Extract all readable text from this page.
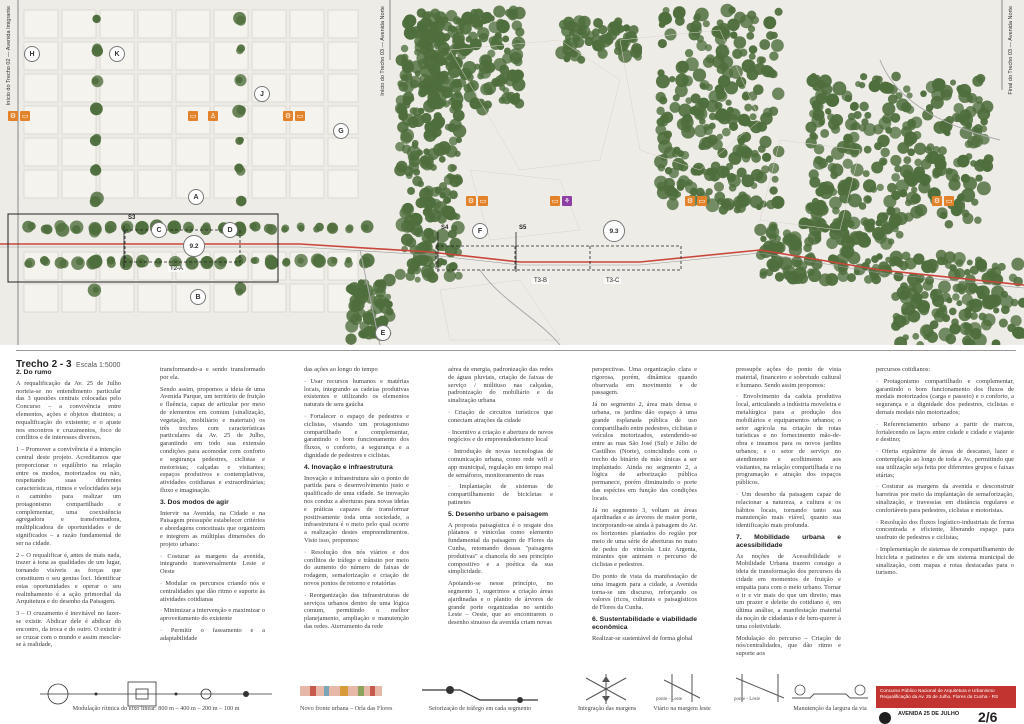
Início do Trecho 02 — Avenida Imigrante	Início do Trecho 03 — Avenida Norte	Final do Trecho 03 — Avenida Norte
H	K
J
G
A
C	D
B
F
E
9.2
9.3
S3
S4	S5
T2-A
T3-B	T3-C
⚙ ▭	♙
▭	⚙ ▭
⚙ ▭	▭ ⚘	⚙ ▭	⚙ ▭
Trecho 2 - 3 Escala 1:5000
2. Do rumo

A requalificação da Av. 25 de Julho norteia-se no entendimento particular das 3 questões centrais colocadas pelo Concurso – a convivência entre elementos, ações e objetos distintos; a requalificação do existente; e o ajuste nos encontros e cruzamentos, foco de conflitos e de interesses diversos.

1 – Promover a convivência é a intenção central deste projeto. Acreditamos que proporcionar o equilíbrio na relação entre os modos, motorizados ou não, respeitando suas diferentes características, ritmos e velocidades seja o caminho para realizar um protagonismo compartilhado e complementar, uma coexistência agregadora e transformadora, multiplicadora de oportunidades e de significados – a razão fundamental de ser na cidade.

2 – O requalificar é, antes de mais nada, trazer à tona as qualidades de um lugar, tornando visíveis as forças que constituem o seu genius loci. Identificar estas oportunidades e operar o seu realinhamento é a ação primordial da Arquitetura e do desenho da Paisagem.

3 – O cruzamento é inevitável no fazer-se existir. Abdicar dele é abdicar do encontro, da troca e do outro. O existir é se cruzar com o mundo e assim mesclar-se à realidade,

transformando-a e sendo transformado por ela.

Sendo assim, propomos a ideia de uma Avenida Parque, um território de fruição e fluência, capaz de articular por meio de elementos em comum (sinalização, vegetação, mobiliário e materiais) os três trechos com características particulares da Av. 25 de Julho, garantindo em todo sua extensão condições para acomodar com conforto e segurança pedestres, ciclistas e motoristas; calçadas e visitantes; espaços produtivos e contemplativos, atividades cotidianas e extraordinárias; fluxo e imaginação.

3. Dos modos de agir

Intervir na Avenida, na Cidade e na Paisagem pressupõe estabelecer critérios e abordagens conceituais que organizem e integrem as múltiplas dimensões do projeto urbano:

· Costurar as margens da avenida, integrando transversalmente Leste e Oeste

· Modular os percursos criando nós e centralidades que dão ritmo e suporte às atividades cotidianas

· Minimizar a intervenção e maximizar o aproveitamento do existente

· Permitir o faseamento e a adaptabilidade

das ações ao longo do tempo

· Usar recursos humanos e matérias locais, integrando as cadeias produtivas existentes e utilizando os elementos naturais de sera gaúcha

· Fortalecer o espaço de pedestres e ciclistas, visando um protagonismo compartilhado e complementar, garantindo o bom funcionamento dos fluxos, o conforto, a segurança e a dignidade de pedestres e ciclistas.

4. Inovação e infraestrutura

Inovação e infraestrutura são o ponto de partida para o desenvolvimento justo e qualificado de uma cidade. Se inovação nos conduz a aberturas para novas ideias e práticas capazes de transformar positivamente toda uma sociedade, a infraestrutura é o meio pelo qual ocorre a realização destes empreendimentos. Visto isso, propomos:

· Resolução dos nós viários e dos conflitos de tráfego e trânsito por meio do aumento do número de faixas de rodagem, semaforização e criação de novos pontos de retorno e rotatórias

· Reorganização das infraestruturas de serviços urbanos dentro de uma lógica comum, permitindo o melhor planejamento, ampliação e manutenção das redes. Aterramento da rede

aérea de energia, padronização das redes de águas pluviais, criação de faixas de serviço / múltiuso nas calçadas, padronização do mobiliário e da sinalização urbana

· Criação de circuitos turísticos que conectam atrações da cidade

· Incentivo a criação e abertura de novos negócios e do empreendedorismo local

· Introdução de novas tecnologias de comunicação urbana, como rede wifi e app municipal, regulação em tempo real de semáforos, monitoramento de ruas

· Implantação de sistemas de compartilhamento de bicicletas e patinetes

5. Desenho urbano e paisagem

A proposta paisagística é o resgate dos plátanos e vinícolas como elemento fundamental da paisagem de Flores da Cunha, retomando dessas "paisagens produtivas" a chancela do seu principio compositivo e a poética da sua simplicidade.

Apoiando-se nesse princípio, no segmento 1, sugerimos a criação áreas ajardinadas e o plantio de árvores de grande porte organizadas no sentido Leste – Oeste, que ao encontrarem o desenho sinuoso da avenida criam novas

perspectivas. Uma organização clara e rigorosa, porém, dinâmica quando observada em movimento e de passagem.

Já no segmento 2, área mais densa e urbana, os jardins dão espaço à uma grande esplanada pública de uso compartilhado entre pedestres, ciclistas e veículos motorizados, estendendo-se entre as ruas São José (Sul) e Júlio de Castilhos (Norte), coincidindo com o trecho do binário de mão únicas a ser implantado. Ainda no segmento 2, a lógica de arborização pública permanece, porém diminuindo o porte das espécies em função das condições locais.

Já no segmento 3, voltam as áreas ajardinadas e as árvores de maior porte, incorporando-se ainda à paisagem do Ar. os horizontes plantados do região por meio de uma série de aberturas no mato de pedra do vinícola Luiz Argenta, mirantes que animam o percurso de ciclistas e pedestres.

Do ponto de vista da manifestação de uma imagem para a cidade, a Avenida torna-se um discurso, reforçando os valores (ricos, culturais e paisagísticos de Flores da Cunha.

6. Sustentabilidade e viabilidade econômica

Realizar-se sustentável de forma global

pressupõe ações do ponto de vista material, financeiro e sobretudo cultural e humano. Sendo assim propomos:

· Envolvimento da cadeia produtiva local, articulando a indústria moveleira e metalúrgica para a produção dos mobiliários e equipamentos urbanos; o setor agrícola na criação de rotas turísticas e no fornecimento mão-de-obra e insumos para os novos jardins urbanos; e o setor de serviço no atendimento e acolhimento aos visitantes, na relação compartilhada e na programação e atração dos espaços públicos.

· Um desenho da paisagem capaz de relacionar a natureza, a cultura e os hábitos locais, tornando tanto sua manutenção mais viável, quanto sua identificação mais profunda.

7. Mobilidade urbana e acessibilidade

As noções de Acessibilidade e Mobilidade Urbana trazem consigo a ideia de transformação dos percursos da cidade em momentos de fruição e empatia para com o meio urbano. Tornar o ir e vir mais do que um direito, mas um prazer e deleite do cotidiano é, em última análise, a manifestação material da noção de cidadania e de bem-querer à uma coletividade.

Modulação do percurso – Criação de nós/centralidades, que dão ritmo e suporte aos

percursos cotidianos:

· Protagonismo compartilhado e complementar, garantindo o bom funcionamento dos fluxos de modais motorizados (carga e passeio) e o conforto, a segurança e a dignidade dos pedestres, ciclistas e demais modais não motorizados;

· Referenciamento urbano a partir de marcos, fortalecendo os laços entre cidade e cidade e viajante e destino;

· Oferta equânime de áreas de descanso, lazer e contemplação ao longo de toda a Av., permitindo que sua utilização seja feita por diferentes grupos e faixas etárias;

· Costurar as margens da avenida e desconstruir barreiras por meio da implantação de semaforização, sinalização, e travessias em distância regulares e confortáveis para pedestres, ciclistas e motoristas.

· Resolução dos fluxos logístico-industriais de forma concentrada e eficiente, liberando espaço para usufruto de pedestres e ciclistas;

· Implementação de sistemas de compartilhamento de bicicleta e patinetes e de um sistema municipal de sinalização, com mapas e rotas destacadas para o turismo.

Modulação rítmica do eixo linear: 800 m – 400 m – 200 m – 100 m	Novo fronte urbana – Orla das Flores	Setorização de tráfego em cada segmento	Integração das margens
ponte - Leste
Viário na margem leste
ponte - Leste
Manutenção da largura da via
Concurso Público Nacional de Arquitetura e Urbanismo
Requalificação da Av. 25 de Julho, Flores da Cunha - RS
AVENIDA 25 DE JULHO 2/6
